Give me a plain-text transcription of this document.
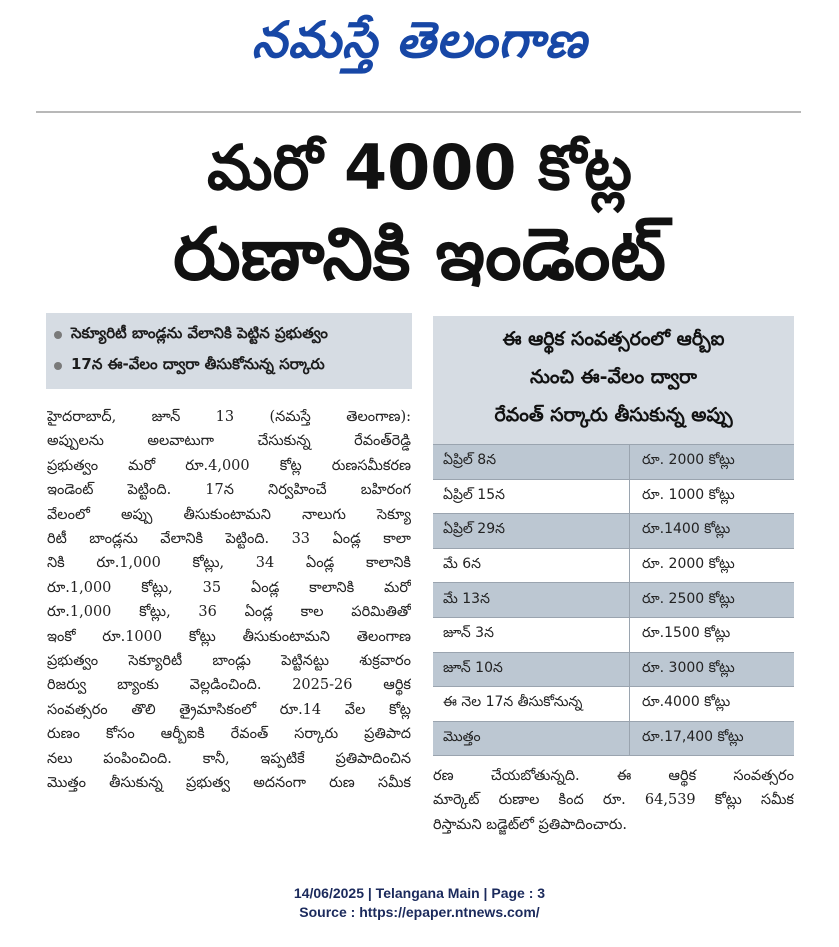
నమస్తే తెలంగాణ
మరో 4000 కోట్ల
రుణానికి ఇండెంట్
సెక్యూరిటీ బాండ్లను వేలానికి పెట్టిన ప్రభుత్వం
17న ఈ-వేలం ద్వారా తీసుకోనున్న సర్కారు
హైదరాబాద్, జూన్ 13 (నమస్తే తెలంగాణ):
అప్పులను అలవాటుగా చేసుకున్న రేవంత్‌రెడ్డి
ప్రభుత్వం మరో రూ.4,000 కోట్ల రుణసమీకరణ
ఇండెంట్ పెట్టింది. 17న నిర్వహించే బహిరంగ
వేలంలో అప్పు తీసుకుంటామని నాలుగు సెక్యూ
రిటీ బాండ్లను వేలానికి పెట్టింది. 33 ఏండ్ల కాలా
నికి రూ.1,000 కోట్లు, 34 ఏండ్ల కాలానికి
రూ.1,000 కోట్లు, 35 ఏండ్ల కాలానికి మరో
రూ.1,000 కోట్లు, 36 ఏండ్ల కాల పరిమితితో
ఇంకో రూ.1000 కోట్లు తీసుకుంటామని తెలంగాణ
ప్రభుత్వం సెక్యూరిటీ బాండ్లు పెట్టినట్టు శుక్రవారం
రిజర్వు బ్యాంకు వెల్లడించింది. 2025-26 ఆర్థిక
సంవత్సరం తొలి త్రైమాసికంలో రూ.14 వేల కోట్ల
రుణం కోసం ఆర్బీఐకి రేవంత్ సర్కారు ప్రతిపాద
నలు పంపించింది. కానీ, ఇప్పటికే ప్రతిపాదించిన
మొత్తం తీసుకున్న ప్రభుత్వ అదనంగా రుణ సమీక
ఈ ఆర్థిక సంవత్సరంలో ఆర్బీఐ
నుంచి ఈ-వేలం ద్వారా
రేవంత్ సర్కారు తీసుకున్న అప్పు
ఏప్రిల్ 8న	రూ. 2000 కోట్లు
ఏప్రిల్ 15న	రూ. 1000 కోట్లు
ఏప్రిల్ 29న	రూ.1400 కోట్లు
మే 6న	రూ. 2000 కోట్లు
మే 13న	రూ. 2500 కోట్లు
జూన్ 3న	రూ.1500 కోట్లు
జూన్ 10న	రూ. 3000 కోట్లు
ఈ నెల 17న తీసుకోనున్న	రూ.4000 కోట్లు
మొత్తం	రూ.17,400 కోట్లు
రణ చేయబోతున్నది. ఈ ఆర్థిక సంవత్సరం
మార్కెట్ రుణాల కింద రూ. 64,539 కోట్లు సమీక
రిస్తామని బడ్జెట్‌లో ప్రతిపాదించారు.
14/06/2025 | Telangana Main | Page : 3
Source : https://epaper.ntnews.com/
